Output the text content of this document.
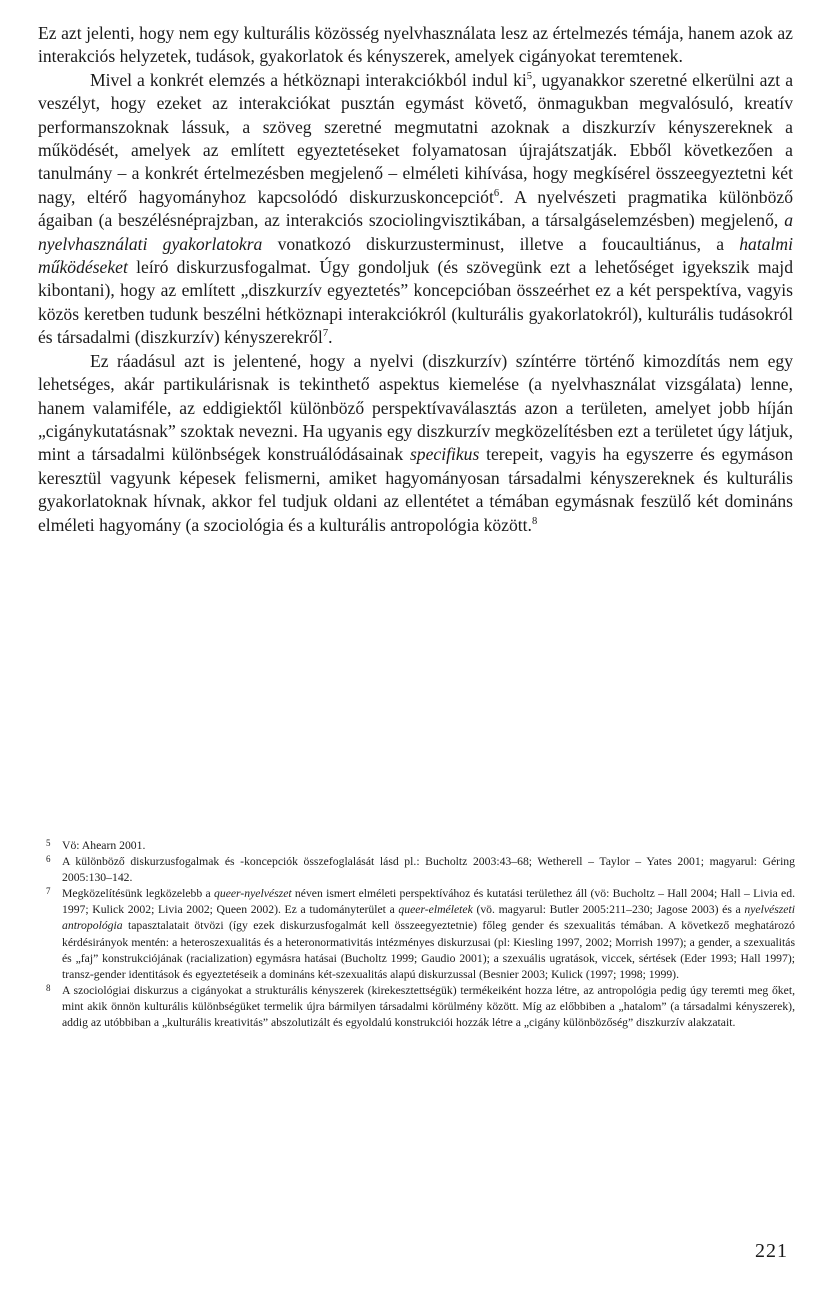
Ez azt jelenti, hogy nem egy kulturális közösség nyelvhasználata lesz az értelmezés témája, hanem azok az interakciós helyzetek, tudások, gyakorlatok és kényszerek, amelyek cigányokat teremtenek.

Mivel a konkrét elemzés a hétköznapi interakciókból indul $ki^5$, ugyanakkor szeretné elkerülni azt a veszélyt, hogy ezeket az interakciókat pusztán egymást követő, önmagukban megvalósuló, kreatív performanszoknak lássuk, a szöveg szeretné megmutatni azoknak a diszkurzív kényszereknek a működését, amelyek az említett egyeztetéseket folyamatosan újrajátszatják. Ebből következően a tanulmány – a konkrét értelmezésben megjelenő – elméleti kihívása, hogy megkísérel összeegyeztetni két nagy, eltérő hagyományhoz kapcsolódó diskurzuskoncepciót$^6$. A nyelvészeti pragmatika különböző ágaiban (a beszélésnéprajzban, az interakciós szociolingvisztikában, a társalgáselemzésben) megjelenő, a nyelvhasználati gyakorlatokra vonatkozó diskurzusterminust, illetve a foucaultiánus, a hatalmi működéseket leíró diskurzusfogalmat. Úgy gondoljuk (és szövegünk ezt a lehetőséget igyekszik majd kibontani), hogy az említett „diszkurzív egyeztetés” koncepcióban összeérhet ez a két perspektíva, vagyis közös keretben tudunk beszélni hétköznapi interakciókról (kulturális gyakorlatokról), kulturális tudásokról és társadalmi (diszkurzív) kényszerekről$^7$.

Ez ráadásul azt is jelentené, hogy a nyelvi (diszkurzív) színtérre történő kimozdítás nem egy lehetséges, akár partikulárisnak is tekinthető aspektus kiemelése (a nyelvhasználat vizsgálata) lenne, hanem valamiféle, az eddigiektől különböző perspektívaválasztás azon a területen, amelyet jobb híján „cigánykutatásnak” szoktak nevezni. Ha ugyanis egy diszkurzív megközelítésben ezt a területet úgy látjuk, mint a társadalmi különbségek konstruálódásainak specifikus terepeit, vagyis ha egyszerre és egymáson keresztül vagyunk képesek felismerni, amiket hagyományosan társadalmi kényszereknek és kulturális gyakorlatoknak hívnak, akkor fel tudjuk oldani az ellentétet a témában egymásnak feszülő két domináns elméleti hagyomány (a szociológia és a kulturális antropológia között.$^8$

5 Vö: Ahearn 2001.

6 A különböző diskurzusfogalmak és -koncepciók összefoglalását lásd pl.: Bucholtz 2003:43–68; Wetherell – Taylor – Yates 2001; magyarul: Géring 2005:130–142.

7 Megközelítésünk legközelebb a queer-nyelvészet néven ismert elméleti perspektívához és kutatási területhez áll (vö: Bucholtz – Hall 2004; Hall – Livia ed. 1997; Kulick 2002; Livia 2002; Queen 2002). Ez a tudományterület a queer-elméletek (vö. magyarul: Butler 2005:211–230; Jagose 2003) és a nyelvészeti antropológia tapasztalatait ötvözi (így ezek diskurzusfogalmát kell összeegyeztetnie) főleg gender és szexualitás témában. A következő meghatározó kérdésirányok mentén: a heteroszexualitás és a heteronormativitás intézményes diskurzusai (pl: Kiesling 1997, 2002; Morrish 1997); a gender, a szexualitás és „faj” konstrukciójának (racialization) egymásra hatásai (Bucholtz 1999; Gaudio 2001); a szexuális ugratások, viccek, sértések (Eder 1993; Hall 1997); transz-gender identitások és egyeztetéseik a domináns két-szexualitás alapú diskurzussal (Besnier 2003; Kulick (1997; 1998; 1999).

8 A szociológiai diskurzus a cigányokat a strukturális kényszerek (kirekesztettségük) termékeiként hozza létre, az antropológia pedig úgy teremti meg őket, mint akik önnön kulturális különbségüket termelik újra bármilyen társadalmi körülmény között. Míg az előbbiben a „hatalom” (a társadalmi kényszerek), addig az utóbbiban a „kulturális kreativitás” abszolutizált és egyoldalú konstrukciói hozzák létre a „cigány különbözőség” diszkurzív alakzatait.

221
